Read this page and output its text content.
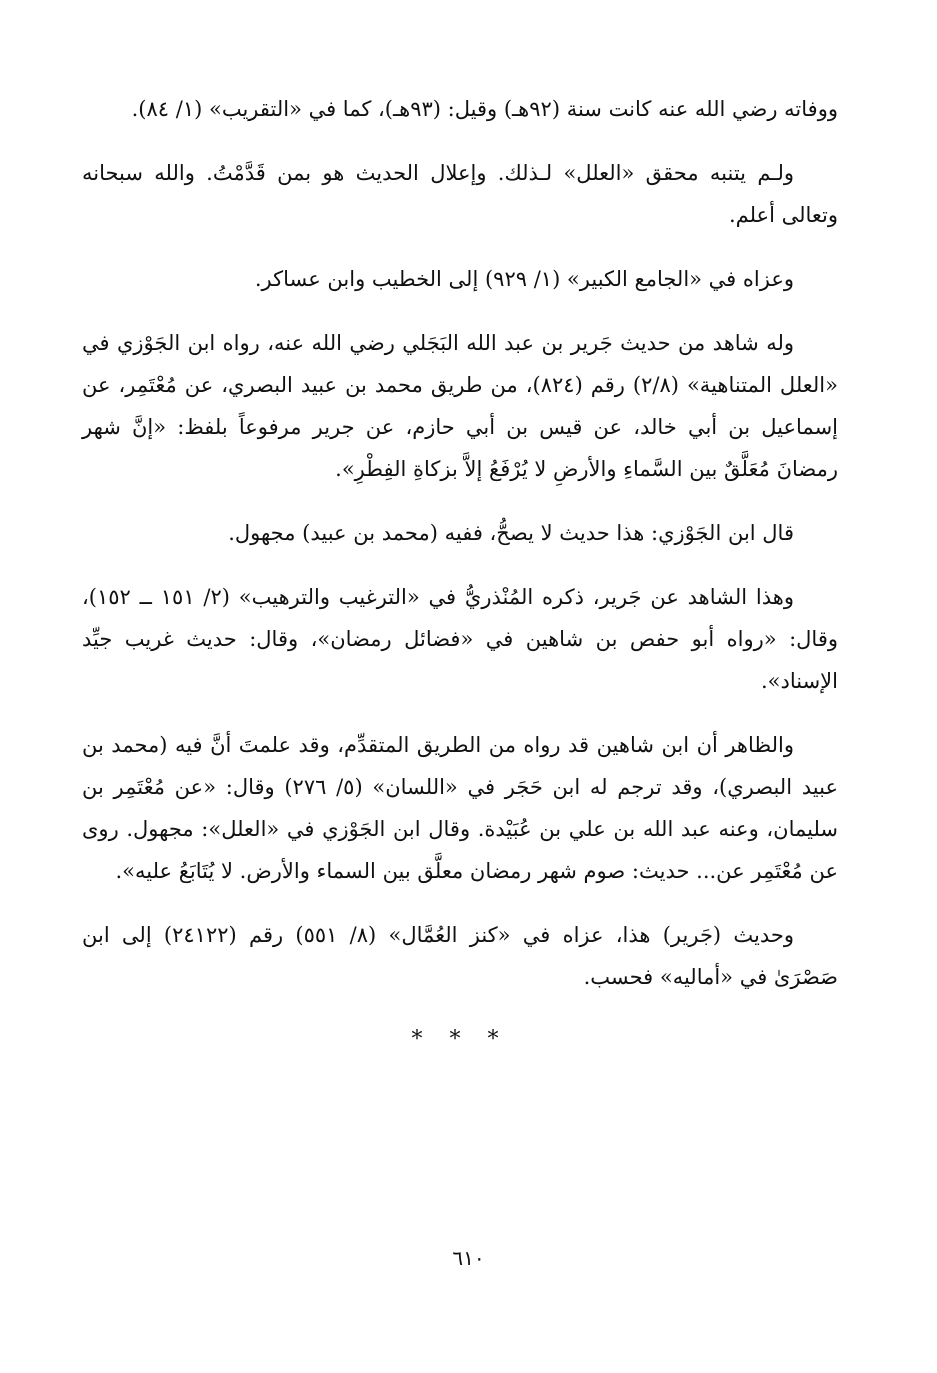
ووفاته رضي الله عنه كانت سنة (٩٢هـ) وقيل: (٩٣هـ)، كما في «التقريب» (١/ ٨٤).

ولـم يتنبه محقق «العلل» لـذلك. وإعلال الحديث هو بمن قَدَّمْتُ. والله سبحانه وتعالى أعلم.

وعزاه في «الجامع الكبير» (١/ ٩٢٩) إلى الخطيب وابن عساكر.

وله شاهد من حديث جَرير بن عبد الله البَجَلي رضي الله عنه، رواه ابن الجَوْزي في «العلل المتناهية» (٢/٨) رقم (٨٢٤)، من طريق محمد بن عبيد البصري، عن مُعْتَمِر، عن إسماعيل بن أبي خالد، عن قيس بن أبي حازم، عن جرير مرفوعاً بلفظ: «إنَّ شهر رمضانَ مُعَلَّقٌ بين السَّماءِ والأرضِ لا يُرْفَعُ إلاَّ بزكاةِ الفِطْرِ».

قال ابن الجَوْزي: هذا حديث لا يصحُّ، ففيه (محمد بن عبيد) مجهول.

وهذا الشاهد عن جَرير، ذكره المُنْذريُّ في «الترغيب والترهيب» (٢/ ١٥١ ــ ١٥٢)، وقال: «رواه أبو حفص بن شاهين في «فضائل رمضان»، وقال: حديث غريب جيِّد الإسناد».

والظاهر أن ابن شاهين قد رواه من الطريق المتقدِّم، وقد علمتَ أنَّ فيه (محمد بن عبيد البصري)، وقد ترجم له ابن حَجَر في «اللسان» (٥/ ٢٧٦) وقال: «عن مُعْتَمِر بن سليمان، وعنه عبد الله بن علي بن عُبَيْدة. وقال ابن الجَوْزي في «العلل»: مجهول. روى عن مُعْتَمِر عن... حديث: صوم شهر رمضان معلَّق بين السماء والأرض. لا يُتَابَعُ عليه».

وحديث (جَرير) هذا، عزاه في «كنز العُمَّال» (٨/ ٥٥١) رقم (٢٤١٢٢) إلى ابن صَصْرَىٰ في «أماليه» فحسب.

* * *
٦١٠
